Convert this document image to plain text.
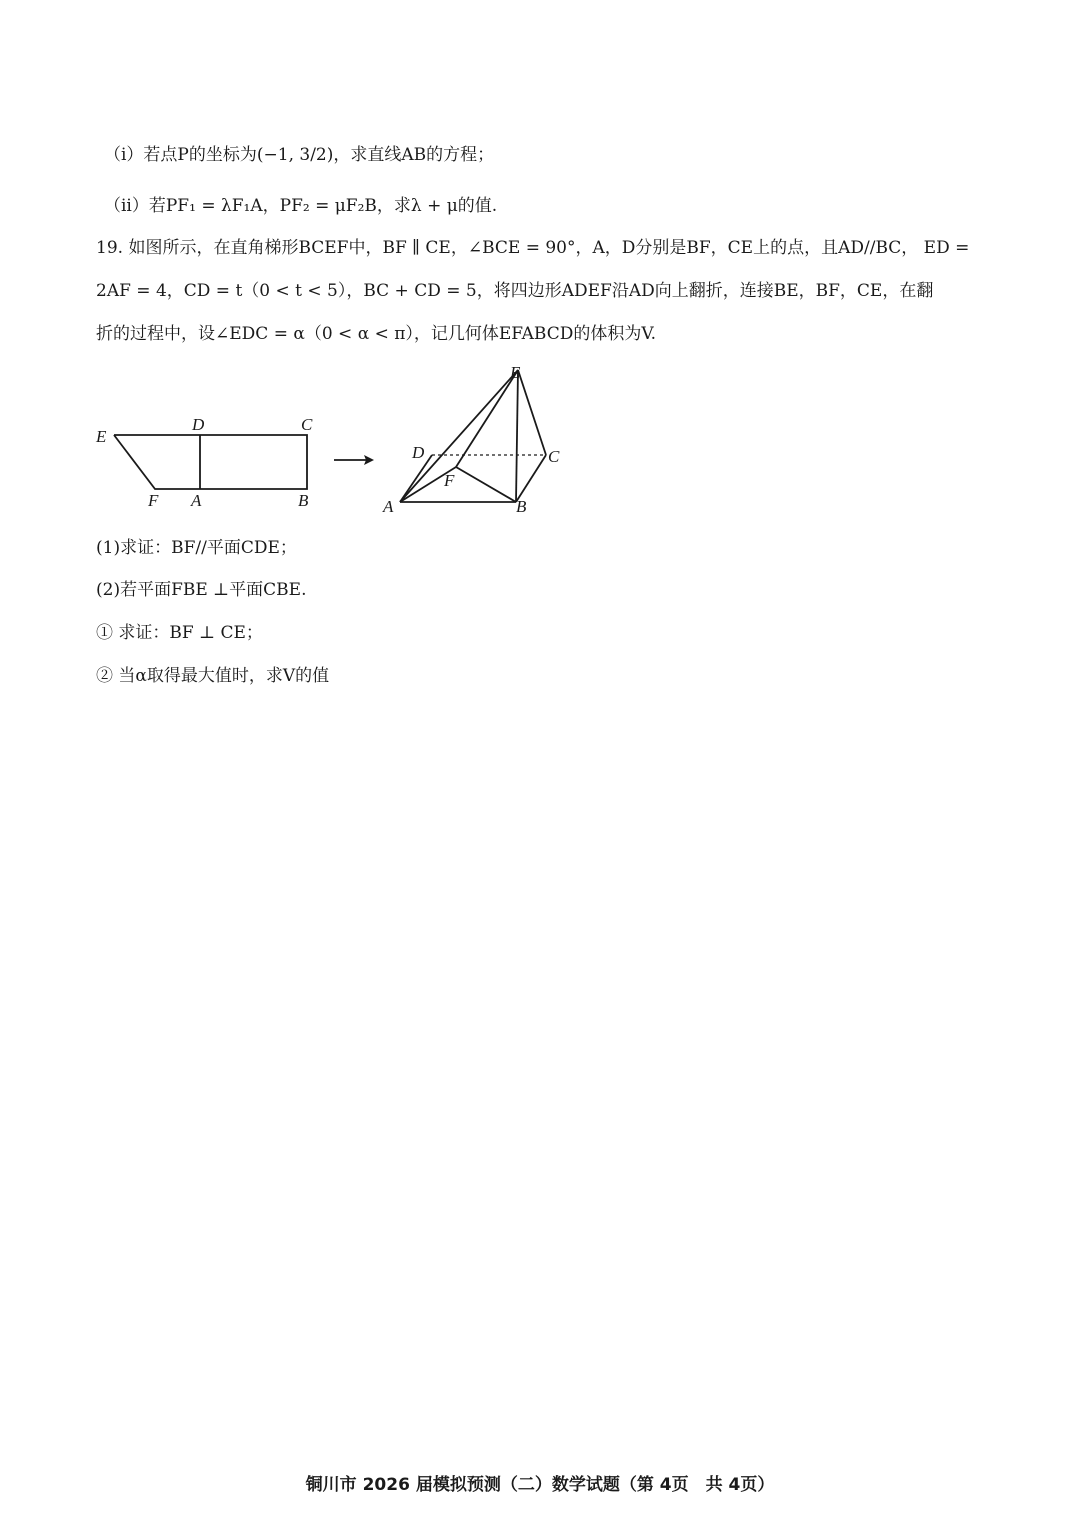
（i）若点P的坐标为(−1, 3/2)，求直线AB的方程；
（ii）若PF₁ = λF₁A，PF₂ = μF₂B，求λ + μ的值.
19. 如图所示，在直角梯形BCEF中，BF ∥ CE，∠BCE = 90°，A，D分别是BF，CE上的点，且AD//BC， ED =
2AF = 4，CD = t（0 < t < 5），BC + CD = 5，将四边形ADEF沿AD向上翻折，连接BE，BF，CE，在翻
折的过程中，设∠EDC = α（0 < α < π），记几何体EFABCD的体积为V.
E
D	C
F A	B
E
D	C
F
A	B
(1)求证：BF//平面CDE；
(2)若平面FBE ⊥平面CBE.
① 求证：BF ⊥ CE；
② 当α取得最大值时，求V的值
铜川市 2026 届模拟预测（二）数学试题（第 4页　共 4页）
